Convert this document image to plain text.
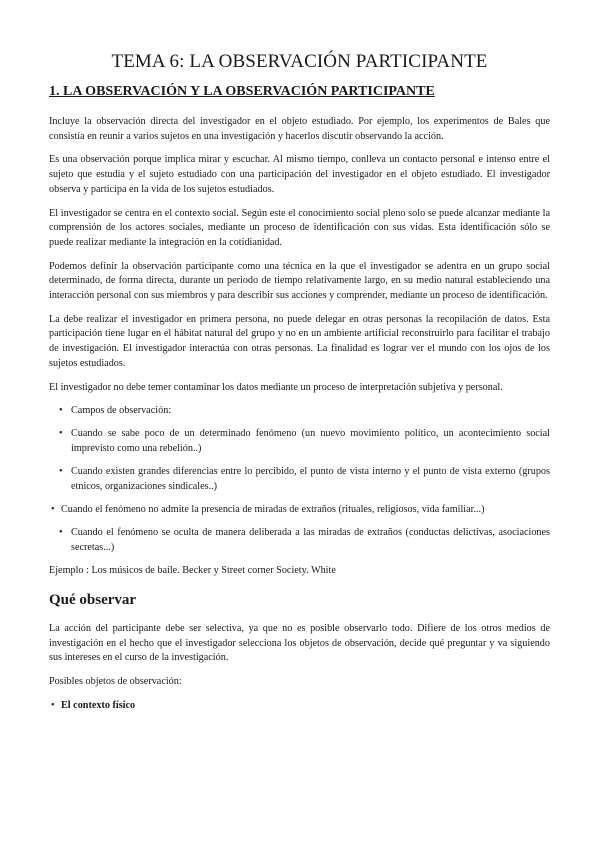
TEMA 6: LA OBSERVACIÓN PARTICIPANTE
1. LA OBSERVACIÓN Y LA OBSERVACIÓN PARTICIPANTE

Incluye la observación directa del investigador en el objeto estudiado. Por ejemplo, los experimentos de Bales que consistía en reunir a varios sujetos en una investigación y hacerlos discutir observando la acción.

Es una observación porque implica mirar y escuchar. Al mismo tiempo, conlleva un contacto personal e intenso entre el sujeto que estudia y el sujeto estudiado con una participación del investigador en el objeto estudiado. El investigador observa y participa en la vida de los sujetos estudiados.

El investigador se centra en el contexto social. Según este el conocimiento social pleno solo se puede alcanzar mediante la comprensión de los actores sociales, mediante un proceso de identificación con sus vidas. Esta identificación sólo se puede realizar mediante la integración en la cotidianidad.

Podemos definir la observación participante como una técnica en la que el investigador se adentra en un grupo social determinado, de forma directa, durante un periodo de tiempo relativamente largo, en su medio natural estableciendo una interacción personal con sus miembros y para describir sus acciones y comprender, mediante un proceso de identificación.

La debe realizar el investigador en primera persona, no puede delegar en otras personas la recopilación de datos. Esta participación tiene lugar en el hábitat natural del grupo y no en un ambiente artificial reconstruirlo para facilitar el trabajo de investigación. El investigador interactúa con otras personas. La finalidad es lograr ver el mundo con los ojos de los sujetos estudiados.

El investigador no debe temer contaminar los datos mediante un proceso de interpretación subjetiva y personal.

• Campos de observación:
• Cuando se sabe poco de un determinado fenómeno (un nuevo movimiento político, un acontecimiento social imprevisto como una rebelión..)
• Cuando existen grandes diferencias entre lo percibido, el punto de vista interno y el punto de vista externo (grupos etnicos, organizaciones sindicales..)
• Cuando el fenómeno no admite la presencia de miradas de extraños (rituales, religiosos, vida familiar...)
• Cuando el fenómeno se oculta de manera deliberada a las miradas de extraños (conductas delictivas, asociaciones secretas...)

Ejemplo : Los músicos de baile. Becker y Street corner Society. White

Qué observar

La acción del participante debe ser selectiva, ya que no es posible observarlo todo. Difiere de los otros medios de investigación en el hecho que el investigador selecciona los objetos de observación, decide qué preguntar y va siguiendo sus intereses en el curso de la investigación.

Posibles objetos de observación:

• El contexto físico
